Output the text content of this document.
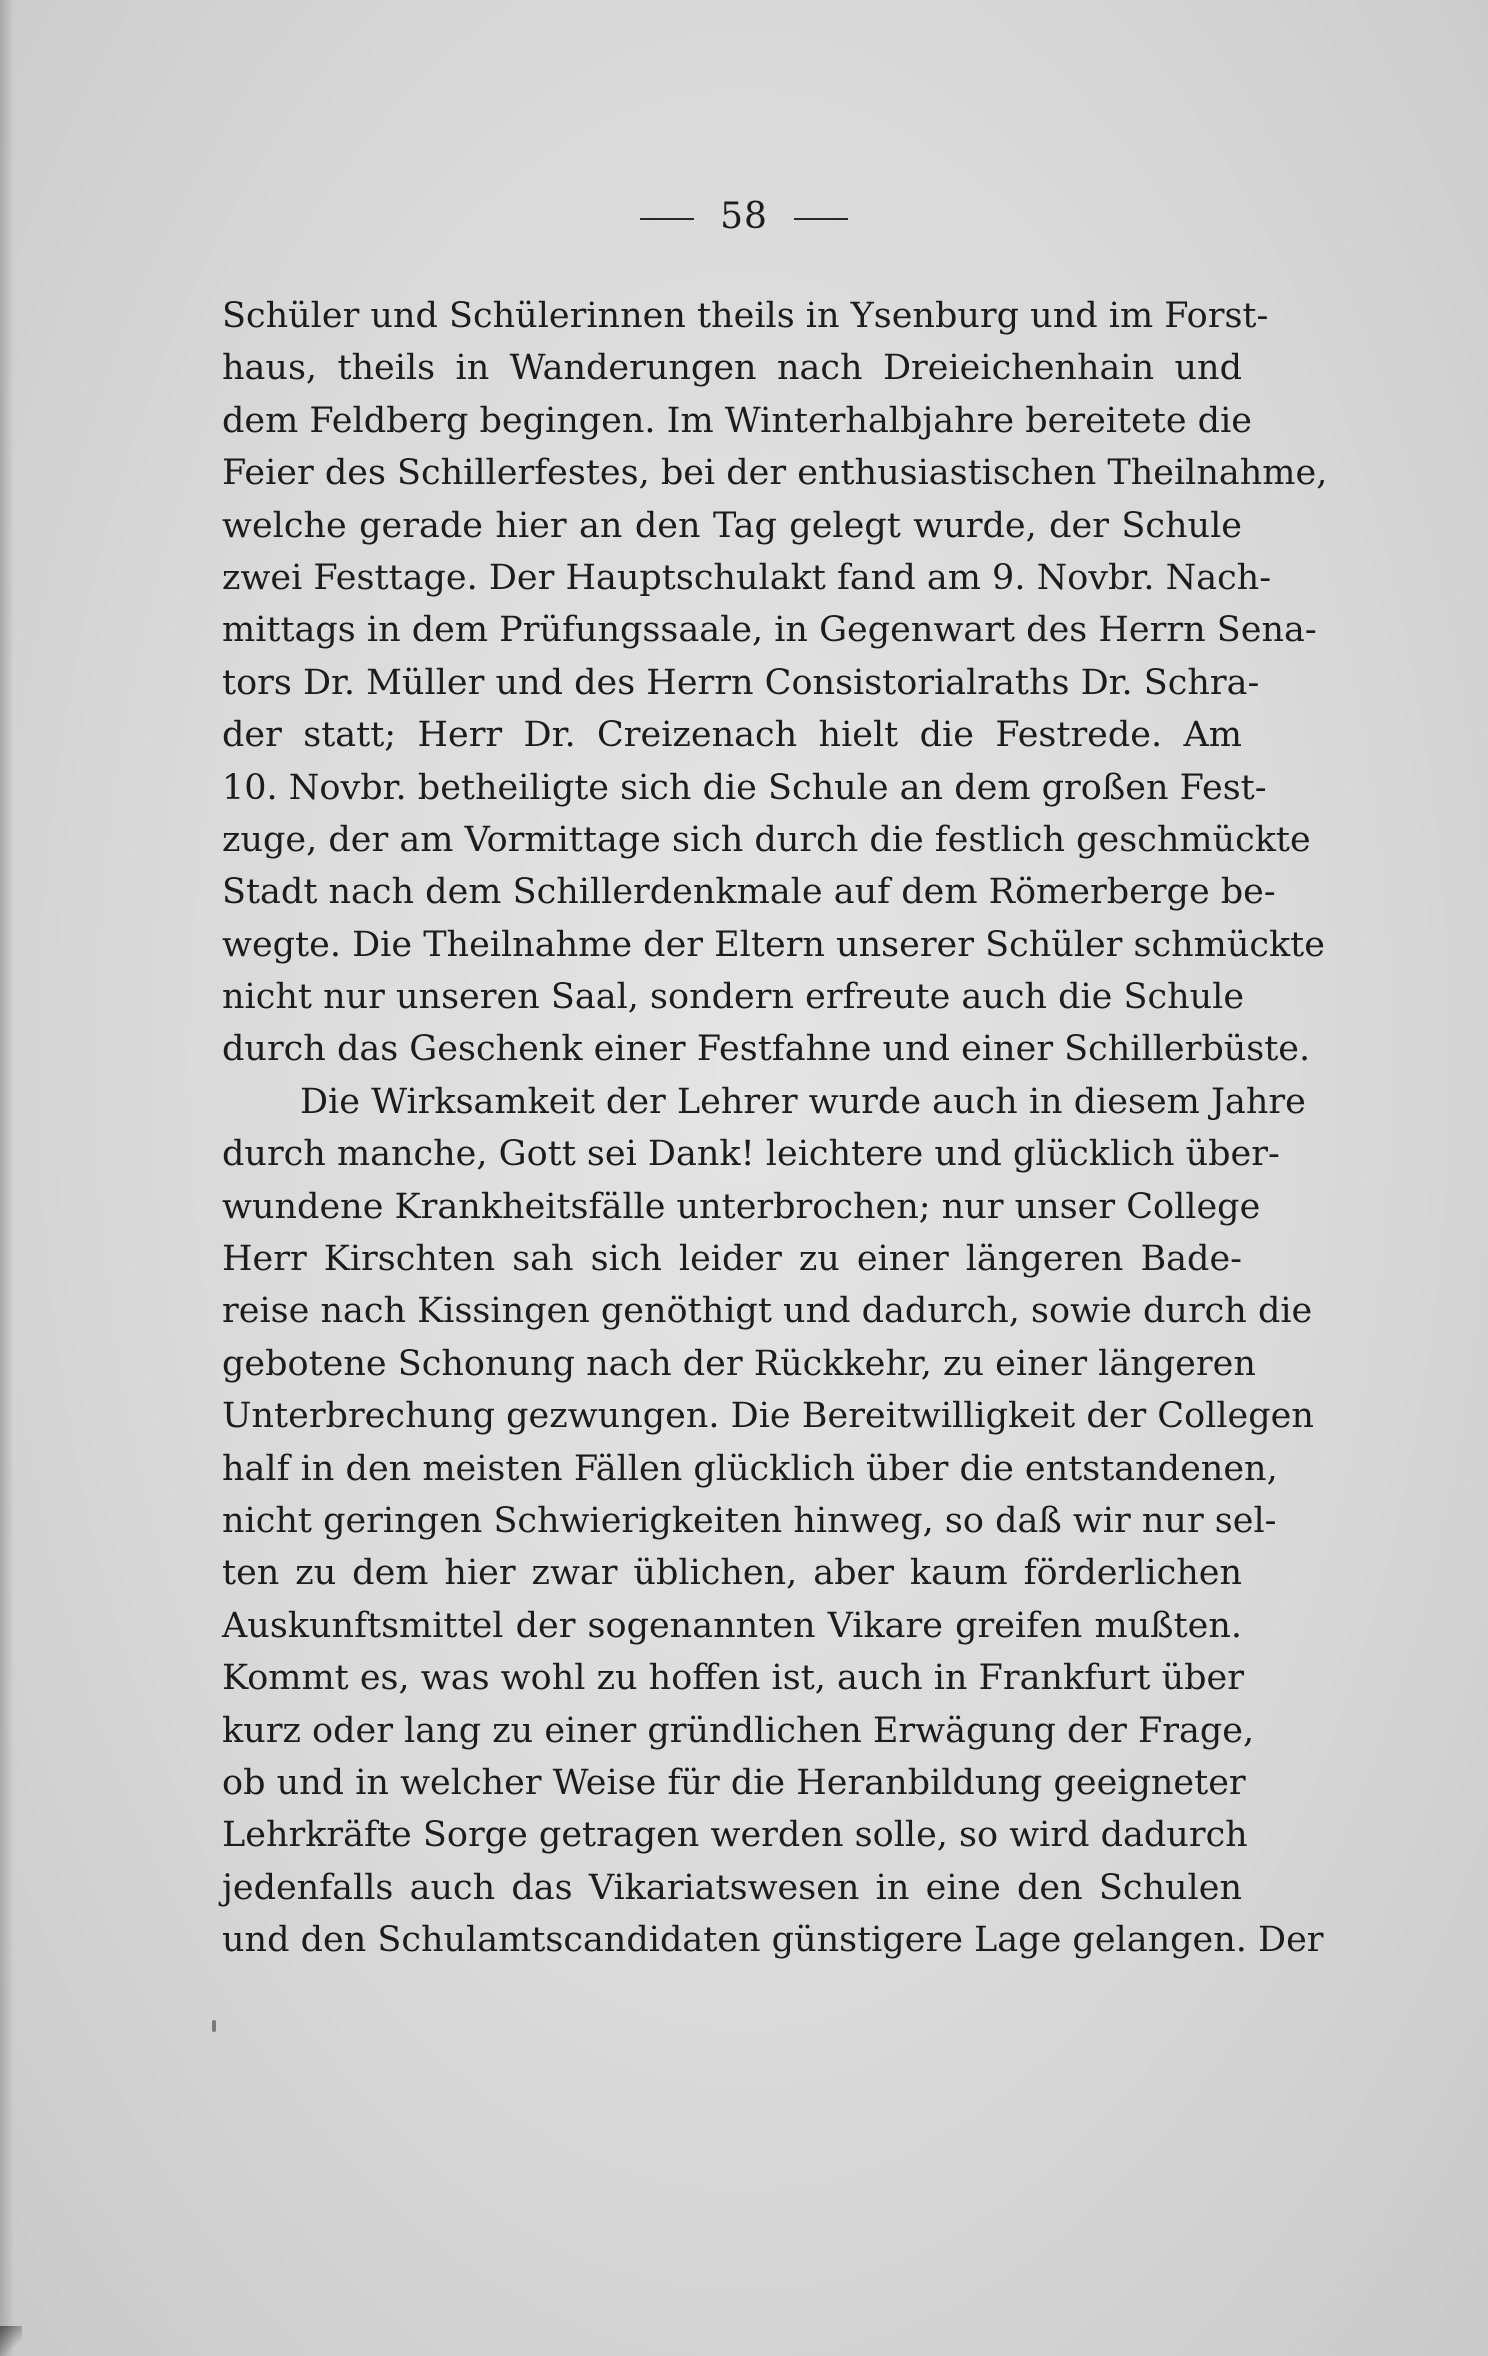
58
Schüler und Schülerinnen theils in Ysenburg und im Forst-
haus, theils in Wanderungen nach Dreieichenhain und
dem Feldberg begingen. Im Winterhalbjahre bereitete die
Feier des Schillerfestes, bei der enthusiastischen Theilnahme,
welche gerade hier an den Tag gelegt wurde, der Schule
zwei Festtage. Der Hauptschulakt fand am 9. Novbr. Nach-
mittags in dem Prüfungssaale, in Gegenwart des Herrn Sena-
tors Dr. Müller und des Herrn Consistorialraths Dr. Schra-
der statt; Herr Dr. Creizenach hielt die Festrede. Am
10. Novbr. betheiligte sich die Schule an dem großen Fest-
zuge, der am Vormittage sich durch die festlich geschmückte
Stadt nach dem Schillerdenkmale auf dem Römerberge be-
wegte. Die Theilnahme der Eltern unserer Schüler schmückte
nicht nur unseren Saal, sondern erfreute auch die Schule
durch das Geschenk einer Festfahne und einer Schillerbüste.
Die Wirksamkeit der Lehrer wurde auch in diesem Jahre
durch manche, Gott sei Dank! leichtere und glücklich über-
wundene Krankheitsfälle unterbrochen; nur unser College
Herr Kirschten sah sich leider zu einer längeren Bade-
reise nach Kissingen genöthigt und dadurch, sowie durch die
gebotene Schonung nach der Rückkehr, zu einer längeren
Unterbrechung gezwungen. Die Bereitwilligkeit der Collegen
half in den meisten Fällen glücklich über die entstandenen,
nicht geringen Schwierigkeiten hinweg, so daß wir nur sel-
ten zu dem hier zwar üblichen, aber kaum förderlichen
Auskunftsmittel der sogenannten Vikare greifen mußten.
Kommt es, was wohl zu hoffen ist, auch in Frankfurt über
kurz oder lang zu einer gründlichen Erwägung der Frage,
ob und in welcher Weise für die Heranbildung geeigneter
Lehrkräfte Sorge getragen werden solle, so wird dadurch
jedenfalls auch das Vikariatswesen in eine den Schulen
und den Schulamtscandidaten günstigere Lage gelangen. Der
